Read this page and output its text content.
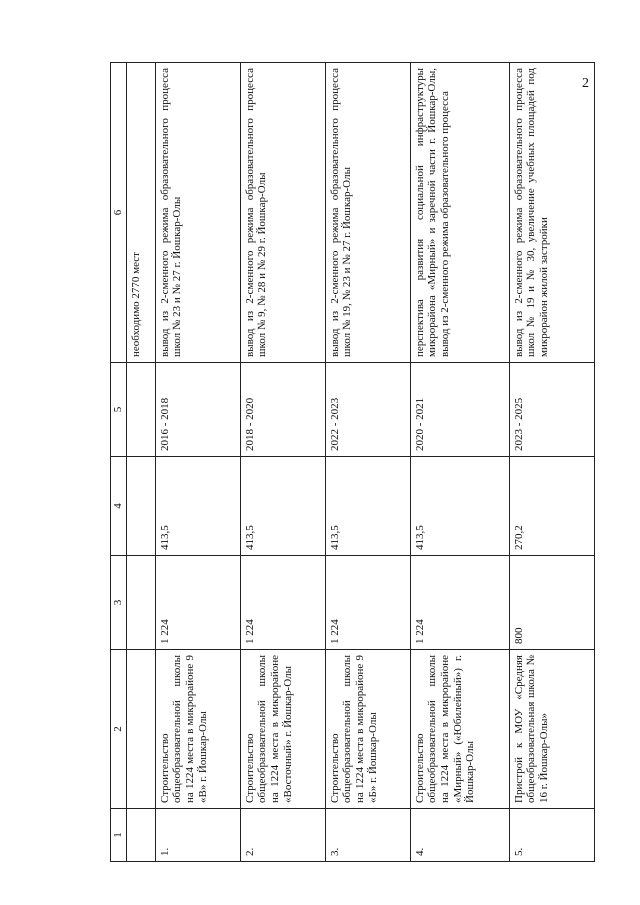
2
1	2	3	4	5	6
					необходимо 2770 мест
1.	Строительство общеобразовательной школы на 1224 места в микрорайоне 9 «В» г. Йошкар-Олы	1 224	413,5	2016 - 2018	вывод из 2-сменного режима образовательного процесса школ № 23 и № 27 г. Йошкар-Олы
2.	Строительство общеобразовательной школы на 1224 места в микрорайоне «Восточный» г. Йошкар-Олы	1 224	413,5	2018 - 2020	вывод из 2-сменного режима образовательного процесса школ № 9, № 28 и № 29 г. Йошкар-Олы
3.	Строительство общеобразовательной школы на 1224 места в микрорайоне 9 «Б» г. Йошкар-Олы	1 224	413,5	2022 - 2023	вывод из 2-сменного режима образовательного процесса школ № 19, № 23 и № 27 г. Йошкар-Олы
4.	Строительство общеобразовательной школы на 1224 места в микрорайоне «Мирный» («Юбилейный») г. Йошкар-Олы	1 224	413,5	2020 - 2021	перспектива развития социальной инфраструктуры микрорайона «Мирный» и заречной части г. Йошкар-Олы, вывод из 2-сменного режима образовательного процесса
5.	Пристрой к МОУ «Средняя общеобразовательная школа № 16 г. Йошкар-Олы»	800	270,2	2023 - 2025	вывод из 2-сменного режима образовательного процесса школ № 19 и № 30, увеличение учебных площадей под микрорайон жилой застройки
